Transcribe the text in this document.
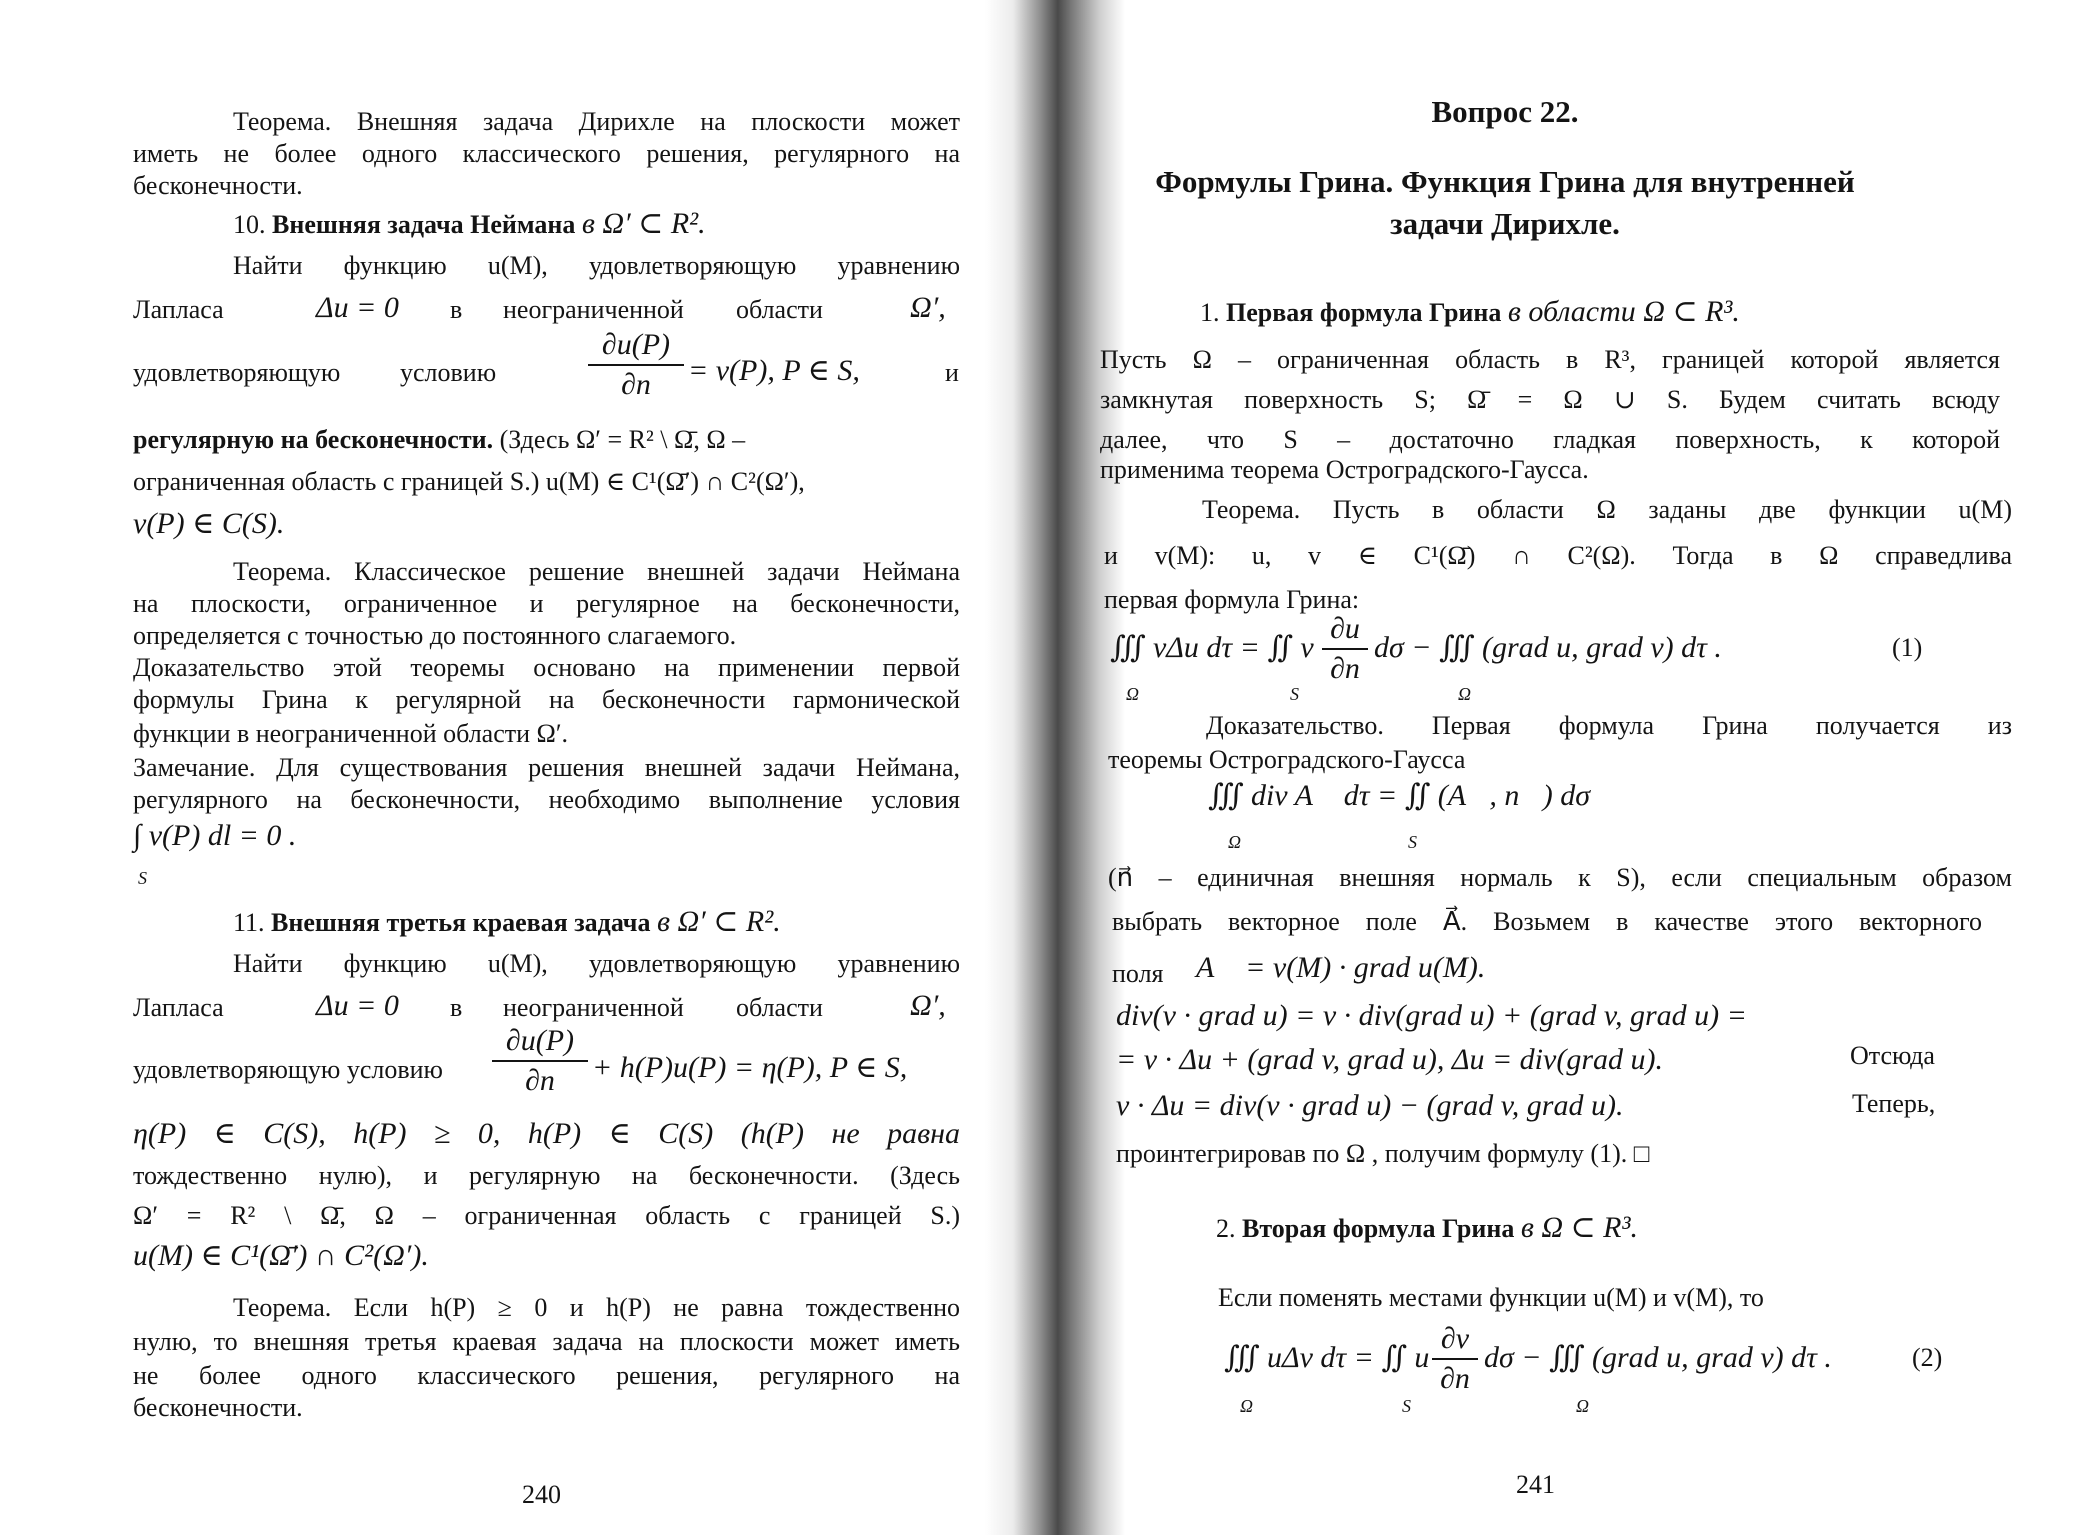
Теорема. Внешняя задача Дирихле на плоскости может
иметь не более одного классического решения, регулярного на
бесконечности.
10. Внешняя задача Неймана в Ω′ ⊂ R².
Найти функцию u(M), удовлетворяющую уравнению
Лапласа	Δu = 0 в неограниченной области	Ω′,
удовлетворяющую условию
∂u(P)
∂n	= ν(P), P ∈ S,	и
регулярную на бесконечности. (Здесь Ω′ = R² \ Ω̄, Ω –
ограниченная область с границей S.) u(M) ∈ C¹(Ω̄′) ∩ C²(Ω′),
ν(P) ∈ C(S).
Теорема. Классическое решение внешней задачи Неймана
на плоскости, ограниченное и регулярное на бесконечности,
определяется с точностью до постоянного слагаемого.
Доказательство этой теоремы основано на применении первой
формулы Грина к регулярной на бесконечности гармонической
функции в неограниченной области Ω′.
Замечание. Для существования решения внешней задачи Неймана,
регулярного на бесконечности, необходимо выполнение условия
∫ ν(P) dl = 0 .
S
11. Внешняя третья краевая задача в Ω′ ⊂ R².
Найти функцию u(M), удовлетворяющую уравнению
Лапласа	Δu = 0 в неограниченной области	Ω′,
удовлетворяющую условию
∂u(P)
∂n	+ h(P)u(P) = η(P), P ∈ S,
η(P) ∈ C(S), h(P) ≥ 0, h(P) ∈ C(S) (h(P) не равна
тождественно нулю), и регулярную на бесконечности. (Здесь
Ω′ = R² \ Ω̄, Ω – ограниченная область с границей S.)
u(M) ∈ C¹(Ω̄′) ∩ C²(Ω′).
Теорема. Если h(P) ≥ 0 и h(P) не равна тождественно
нулю, то внешняя третья краевая задача на плоскости может иметь
не более одного классического решения, регулярного на
бесконечности.
240
Вопрос 22.
Формулы Грина. Функция Грина для внутренней
задачи Дирихле.
1. Первая формула Грина в области Ω ⊂ R³.
Пусть Ω – ограниченная область в R³, границей которой является
замкнутая поверхность S; Ω̄ = Ω ∪ S. Будем считать всюду
далее, что S – достаточно гладкая поверхность, к которой
применима теорема Остроградского-Гаусса.
Теорема. Пусть в области Ω заданы две функции u(M)
и v(M): u, v ∈ C¹(Ω̄) ∩ C²(Ω). Тогда в Ω справедлива
первая формула Грина:
∭ vΔu dτ = ∬ v
∂u
∂n
dσ − ∭ (grad u, grad v) dτ .
Ω	S	Ω
(1)
Доказательство. Первая формула Грина получается из
теоремы Остроградского-Гаусса
∭ div A⃗ dτ = ∬ (A⃗, n⃗) dσ
Ω	S
(n⃗ – единичная внешняя нормаль к S), если специальным образом
выбрать векторное поле A⃗. Возьмем в качестве этого векторного
поля A⃗ = v(M) · grad u(M).
div(v · grad u) = v · div(grad u) + (grad v, grad u) =
= v · Δu + (grad v, grad u), Δu = div(grad u).	Отсюда
v · Δu = div(v · grad u) − (grad v, grad u).	Теперь,
проинтегрировав по Ω , получим формулу (1). □
2. Вторая формула Грина в Ω ⊂ R³.
Если поменять местами функции u(M) и v(M), то
∭ uΔv dτ = ∬ u
∂v
∂n
dσ − ∭ (grad u, grad v) dτ .
Ω	S	Ω
(2)
241
